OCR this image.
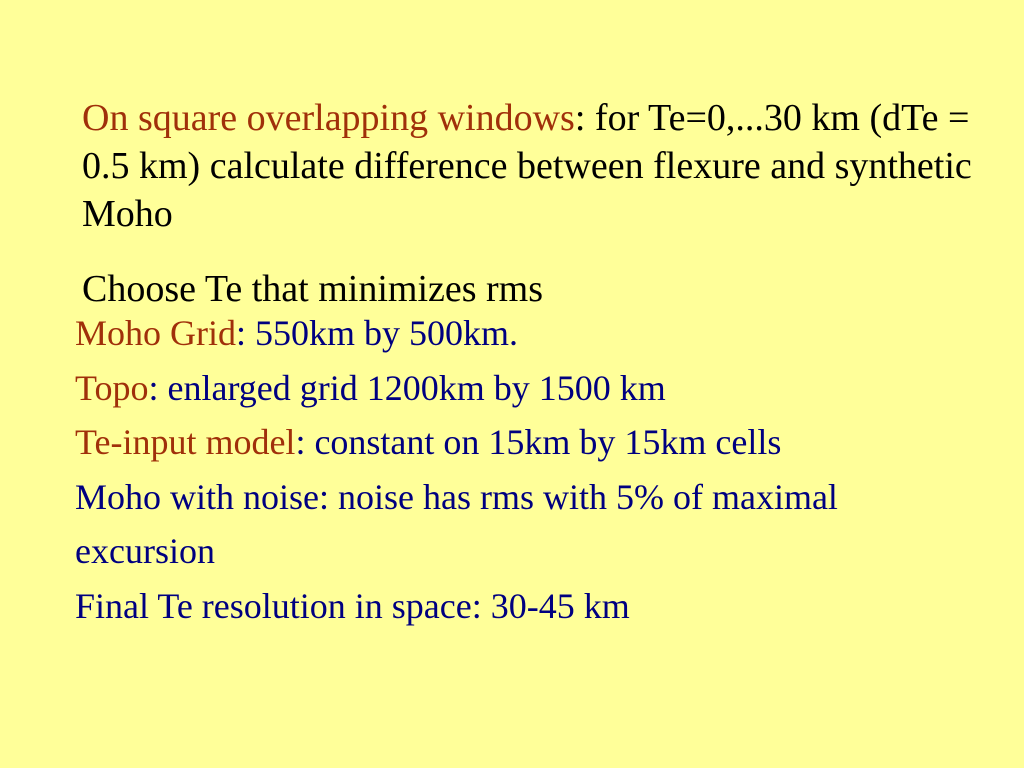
On square overlapping windows: for Te=0,...30 km (dTe = 0.5 km) calculate difference between flexure and synthetic Moho

Choose Te that minimizes rms

Moho Grid: 550km by 500km.

Topo: enlarged grid 1200km by 1500 km

Te-input model: constant on 15km by 15km cells

Moho with noise: noise has rms with 5% of maximal excursion

Final Te resolution in space: 30-45 km
